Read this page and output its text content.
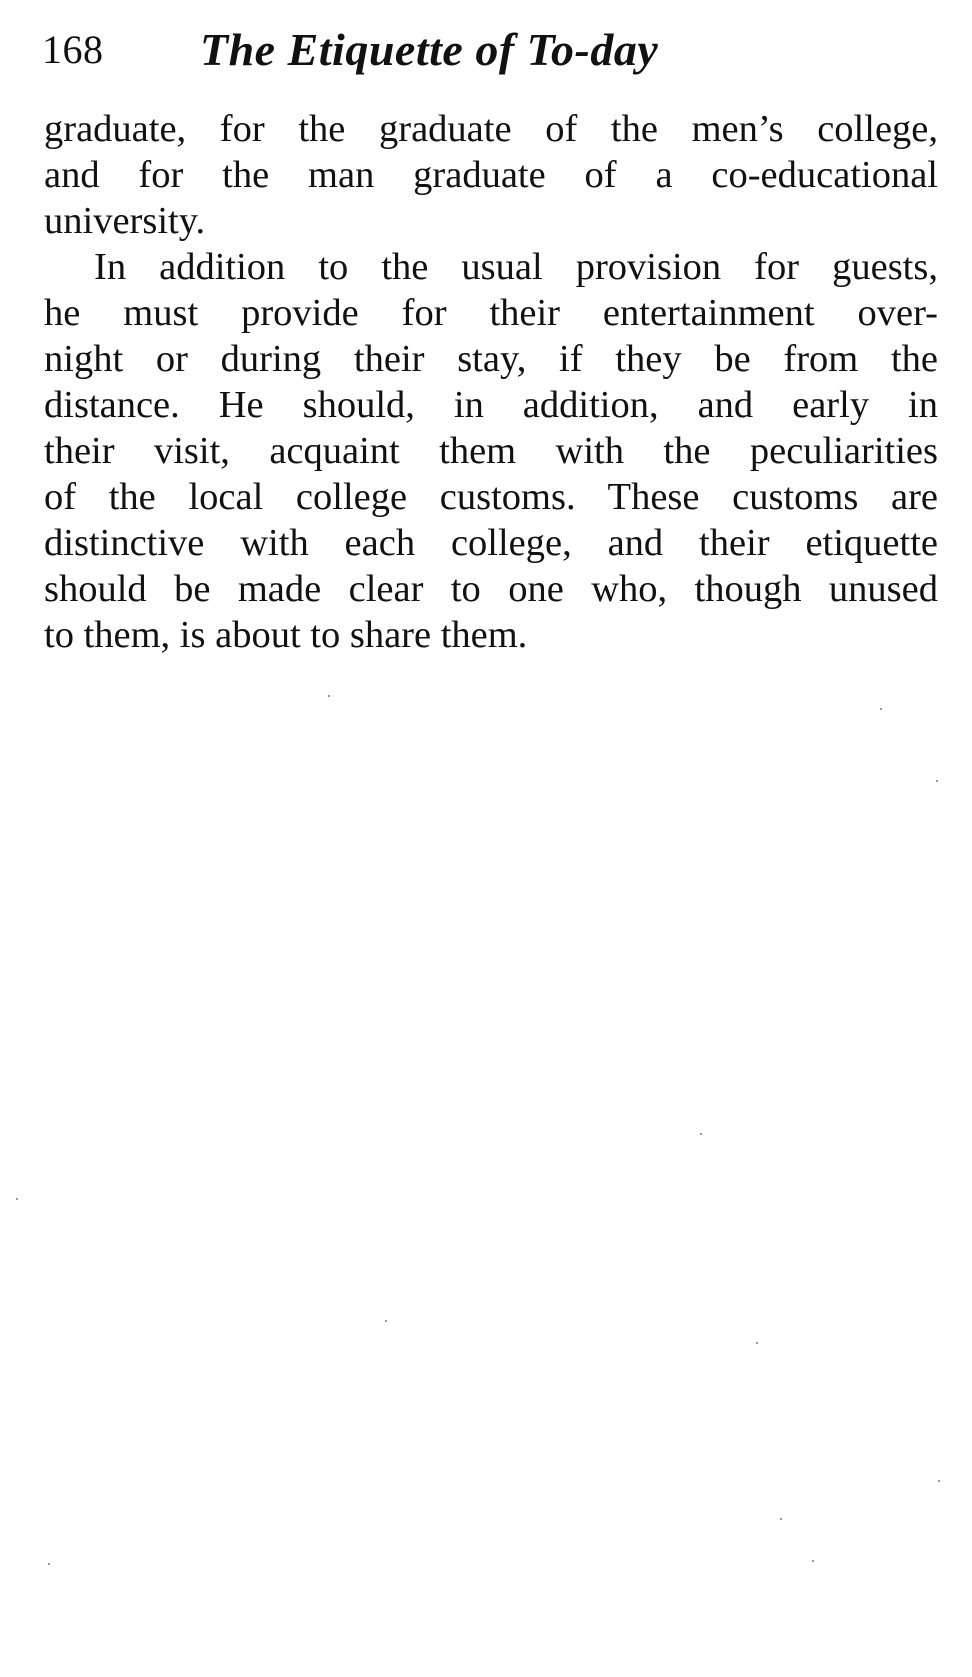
168 The Etiquette of To-day
graduate, for the graduate of the men’s college,
and for the man graduate of a co-educational
university.
In addition to the usual provision for guests,
he must provide for their entertainment over-
night or during their stay, if they be from the
distance. He should, in addition, and early in
their visit, acquaint them with the peculiarities
of the local college customs. These customs are
distinctive with each college, and their etiquette
should be made clear to one who, though unused
to them, is about to share them.
